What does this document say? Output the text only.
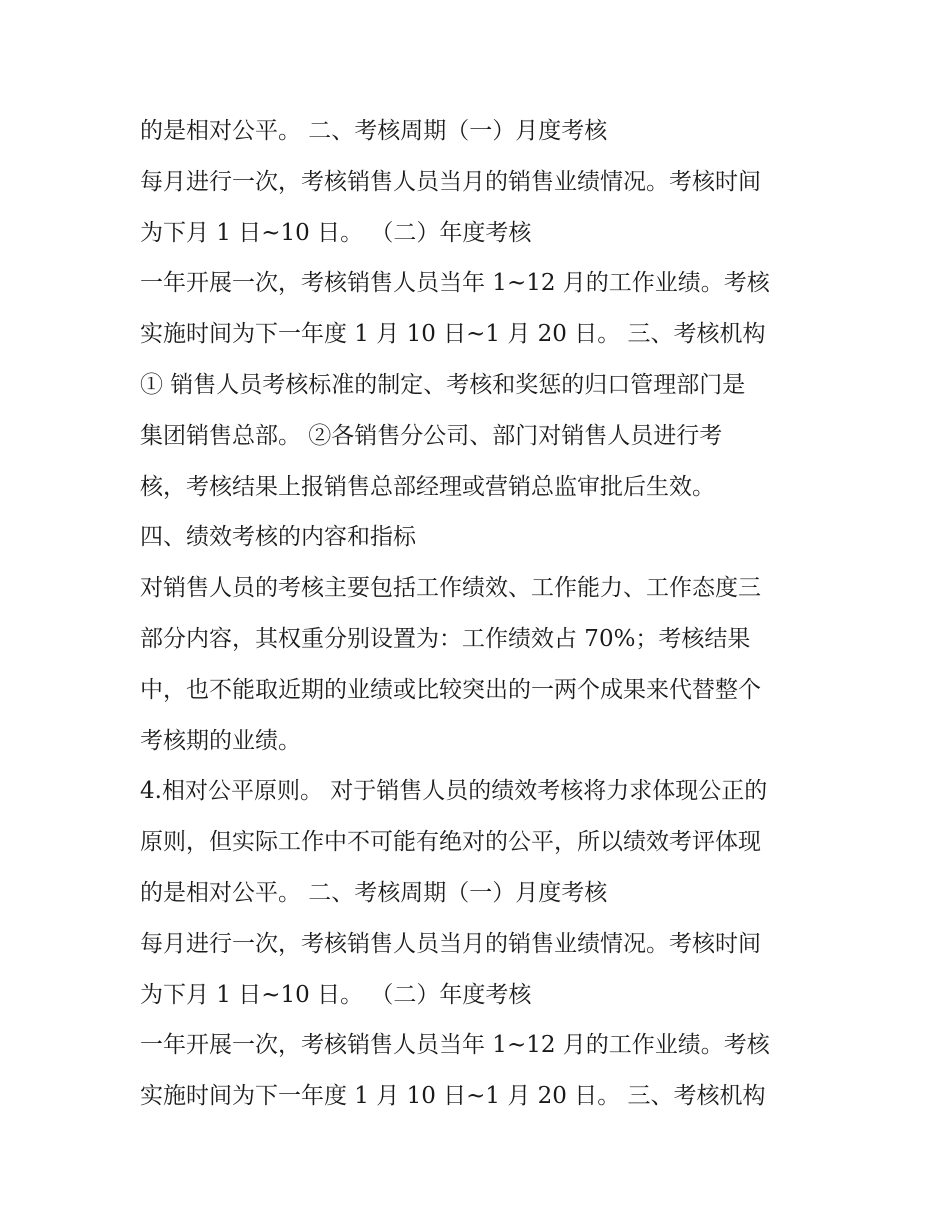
的是相对公平。 二、考核周期（一）月度考核
每月进行一次，考核销售人员当月的销售业绩情况。考核时间
为下月 1 日~10 日。 （二）年度考核
一年开展一次，考核销售人员当年 1~12 月的工作业绩。考核
实施时间为下一年度 1 月 10 日~1 月 20 日。 三、考核机构
① 销售人员考核标准的制定、考核和奖惩的归口管理部门是
集团销售总部。 ②各销售分公司、部门对销售人员进行考
核，考核结果上报销售总部经理或营销总监审批后生效。
四、绩效考核的内容和指标
对销售人员的考核主要包括工作绩效、工作能力、工作态度三
部分内容，其权重分别设置为：工作绩效占 70%；考核结果
中，也不能取近期的业绩或比较突出的一两个成果来代替整个
考核期的业绩。
4.相对公平原则。 对于销售人员的绩效考核将力求体现公正的
原则，但实际工作中不可能有绝对的公平，所以绩效考评体现
的是相对公平。 二、考核周期（一）月度考核
每月进行一次，考核销售人员当月的销售业绩情况。考核时间
为下月 1 日~10 日。 （二）年度考核
一年开展一次，考核销售人员当年 1~12 月的工作业绩。考核
实施时间为下一年度 1 月 10 日~1 月 20 日。 三、考核机构
